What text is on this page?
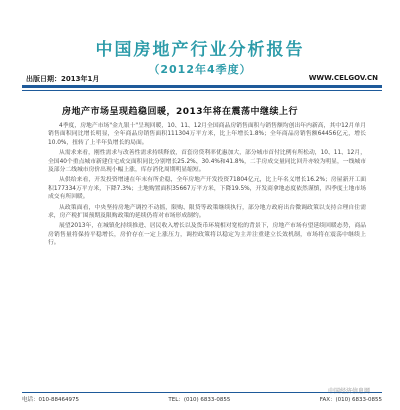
中国房地产行业分析报告
（2012年4季度）
出版日期：2013年1月	WWW.CELGOV.CN
房地产市场呈现趋稳回暖，2013年将在震荡中继续上行

4季度，房地产市场"金九银十"呈现回暖，10、11、12月全国商品房销售面积与销售额均创出年内新高，其中12月单月销售面积同比增长明显，全年商品房销售面积111304万平方米，比上年增长1.8%；全年商品房销售额64456亿元，增长10.0%，扭转了上半年负增长的局面。

从需求来看，刚性需求与改善性需求持续释放，首套房贷利率优惠加大，部分城市首付比例有所松动，10、11、12月，全国40个重点城市新建住宅成交面积同比分别增长25.2%、30.4%和41.8%，二手房成交量同比回升亦较为明显，一线城市及部分二线城市房价出现小幅上涨，库存消化周期明显缩短。

从供给来看，开发投资增速在年末有所企稳，全年房地产开发投资71804亿元，比上年名义增长16.2%；房屋新开工面积177334万平方米，下降7.3%；土地购置面积35667万平方米，下降19.5%，开发商拿地态度依然谨慎，四季度土地市场成交有所回暖。

从政策面看，中央坚持房地产调控不动摇，限购、限贷等政策继续执行，部分地方政府出台微调政策以支持合理自住需求，房产税扩围预期及限购政策的延续仍将对市场形成制约。

展望2013年，在城镇化持续推进、居民收入增长以及货币环境相对宽松的背景下，房地产市场有望延续回暖态势，商品房销售量将保持平稳增长，房价存在一定上涨压力，调控政策将以稳定为主并注重建立长效机制，市场将在震荡中继续上行。

中国经济信息网
电话：010-88464975	TEL：(010) 6833-0855	FAX：(010) 6833-0855
